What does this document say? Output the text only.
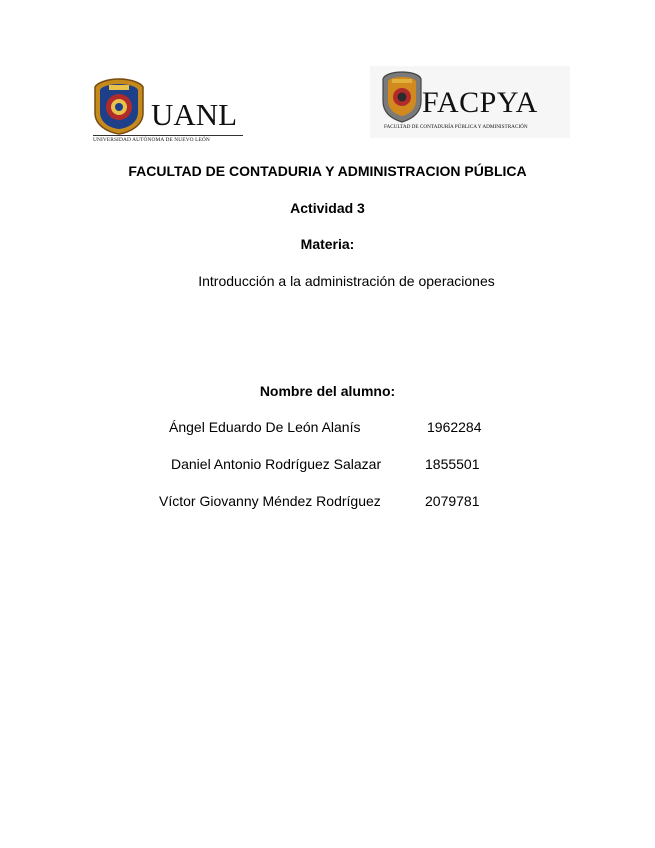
UANL
UNIVERSIDAD AUTÓNOMA DE NUEVO LEÓN
FACPYA
FACULTAD DE CONTADURÍA PÚBLICA Y ADMINISTRACIÓN
FACULTAD DE CONTADURIA Y ADMINISTRACION PÚBLICA
Actividad 3
Materia:
Introducción a la administración de operaciones
Nombre del alumno:
Ángel Eduardo De León Alanís	1962284
Daniel Antonio Rodríguez Salazar	1855501
Víctor Giovanny Méndez Rodríguez	2079781
